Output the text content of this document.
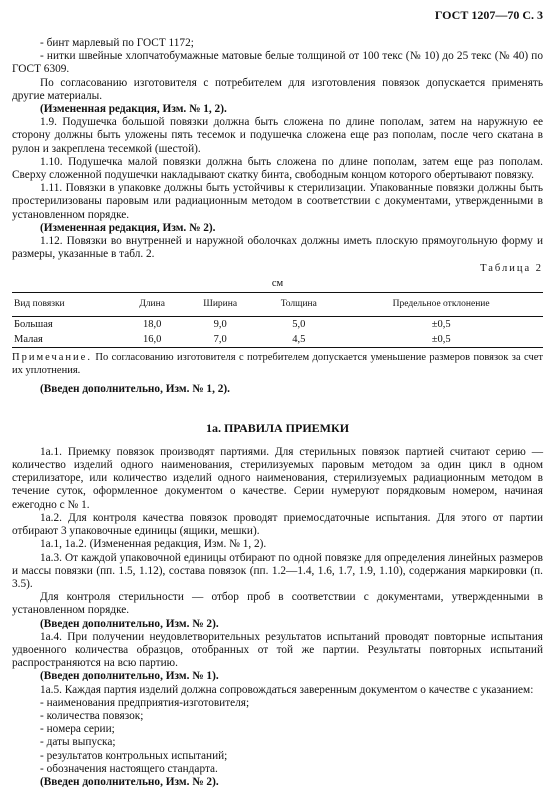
ГОСТ 1207—70 С. 3

- бинт марлевый по ГОСТ 1172;

- нитки швейные хлопчатобумажные матовые белые толщиной от 100 текс (№ 10) до 25 текс (№ 40) по ГОСТ 6309.

По согласованию изготовителя с потребителем для изготовления повязок допускается применять другие материалы.

(Измененная редакция, Изм. № 1, 2).

1.9. Подушечка большой повязки должна быть сложена по длине пополам, затем на наружную ее сторону должны быть уложены пять тесемок и подушечка сложена еще раз пополам, после чего скатана в рулон и закреплена тесемкой (шестой).

1.10. Подушечка малой повязки должна быть сложена по длине пополам, затем еще раз пополам. Сверху сложенной подушечки накладывают скатку бинта, свободным концом которого обертывают повязку.

1.11. Повязки в упаковке должны быть устойчивы к стерилизации. Упакованные повязки должны быть простерилизованы паровым или радиационным методом в соответствии с документами, утвержденными в установленном порядке.

(Измененная редакция, Изм. № 2).

1.12. Повязки во внутренней и наружной оболочках должны иметь плоскую прямоугольную форму и размеры, указанные в табл. 2.

Таблица 2
см
Вид повязки	Длина	Ширина	Толщина	Предельное отклонение
Большая	18,0	9,0	5,0	±0,5
Малая	16,0	7,0	4,5	±0,5
Примечание. По согласованию изготовителя с потребителем допускается уменьшение размеров повязок за счет их уплотнения.

(Введен дополнительно, Изм. № 1, 2).

1а. ПРАВИЛА ПРИЕМКИ

1а.1. Приемку повязок производят партиями. Для стерильных повязок партией считают серию — количество изделий одного наименования, стерилизуемых паровым методом за один цикл в одном стерилизаторе, или количество изделий одного наименования, стерилизуемых радиационным методом в течение суток, оформленное документом о качестве. Серии нумеруют порядковым номером, начиная ежегодно с № 1.

1а.2. Для контроля качества повязок проводят приемосдаточные испытания. Для этого от партии отбирают 3 упаковочные единицы (ящики, мешки).

1а.1, 1а.2. (Измененная редакция, Изм. № 1, 2).

1а.3. От каждой упаковочной единицы отбирают по одной повязке для определения линейных размеров и массы повязки (пп. 1.5, 1.12), состава повязок (пп. 1.2—1.4, 1.6, 1.7, 1.9, 1.10), содержания маркировки (п. 3.5).

Для контроля стерильности — отбор проб в соответствии с документами, утвержденными в установленном порядке.

(Введен дополнительно, Изм. № 2).

1а.4. При получении неудовлетворительных результатов испытаний проводят повторные испытания удвоенного количества образцов, отобранных от той же партии. Результаты повторных испытаний распространяются на всю партию.

(Введен дополнительно, Изм. № 1).

1а.5. Каждая партия изделий должна сопровождаться заверенным документом о качестве с указанием:

- наименования предприятия-изготовителя;

- количества повязок;

- номера серии;

- даты выпуска;

- результатов контрольных испытаний;

- обозначения настоящего стандарта.

(Введен дополнительно, Изм. № 2).
